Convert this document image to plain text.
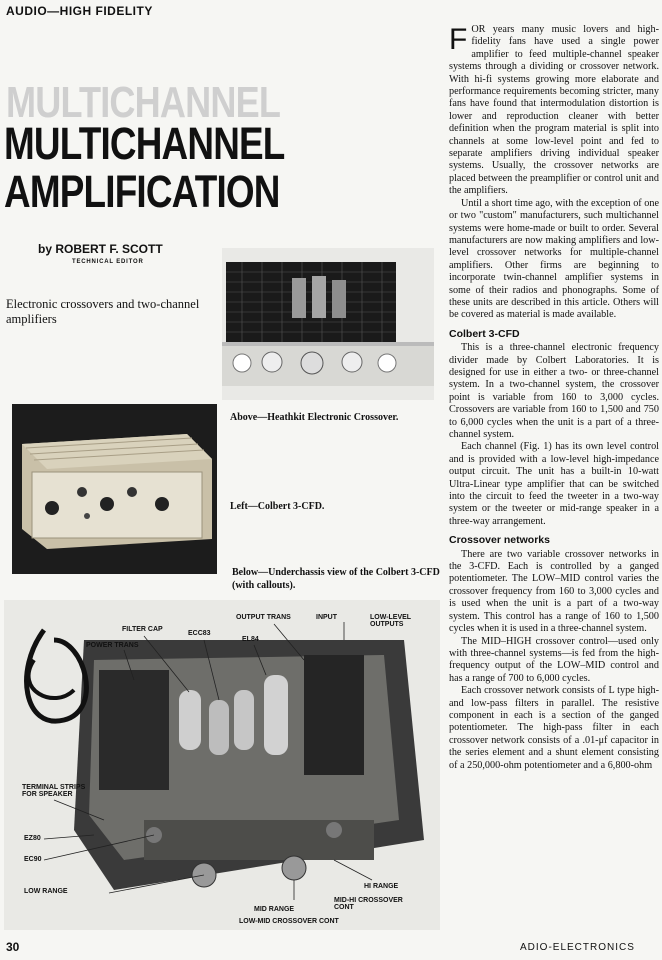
AUDIO—HIGH FIDELITY
MULTICHANNEL
MULTICHANNEL
AMPLIFICATION
by ROBERT F. SCOTT
TECHNICAL EDITOR
Electronic crossovers and two-channel amplifiers
Above—Heathkit Electronic Crossover.
Left—Colbert 3-CFD.
Below—Underchassis view of the Colbert 3-CFD (with callouts).
OUTPUT TRANS	INPUT	LOW-LEVEL OUTPUTS
EL84
FILTER CAP
ECC83
POWER TRANS
TERMINAL STRIPS FOR SPEAKER
EZ80
EC90
LOW RANGE
HI RANGE
MID-HI CROSSOVER CONT
MID RANGE
LOW-MID CROSSOVER CONT

FOR years many music lovers and high-fidelity fans have used a single power amplifier to feed multiple-channel speaker systems through a dividing or crossover network. With hi-fi systems growing more elaborate and performance requirements becoming stricter, many fans have found that intermodulation distortion is lower and reproduction cleaner with better definition when the program material is split into channels at some low-level point and fed to separate amplifiers driving individual speaker systems. Usually, the crossover networks are placed between the preamplifier or control unit and the amplifiers.

Until a short time ago, with the exception of one or two "custom" manufacturers, such multichannel systems were home-made or built to order. Several manufacturers are now making amplifiers and low-level crossover networks for multiple-channel amplifiers. Other firms are beginning to incorporate twin-channel amplifier systems in some of their radios and phonographs. Some of these units are described in this article. Others will be covered as material is made available.

Colbert 3-CFD

This is a three-channel electronic frequency divider made by Colbert Laboratories. It is designed for use in either a two- or three-channel system. In a two-channel system, the crossover point is variable from 160 to 3,000 cycles. Crossovers are variable from 160 to 1,500 and 750 to 6,000 cycles when the unit is a part of a three-channel system.

Each channel (Fig. 1) has its own level control and is provided with a low-level high-impedance output circuit. The unit has a built-in 10-watt Ultra-Linear type amplifier that can be switched into the circuit to feed the tweeter in a two-way system or the tweeter or mid-range speaker in a three-way arrangement.

Crossover networks

There are two variable crossover networks in the 3-CFD. Each is controlled by a ganged potentiometer. The LOW–MID control varies the crossover frequency from 160 to 3,000 cycles and is used when the unit is a part of a two-way system. This control has a range of 160 to 1,500 cycles when it is used in a three-channel system.

The MID–HIGH crossover control—used only with three-channel systems—is fed from the high-frequency output of the LOW–MID control and has a range of 700 to 6,000 cycles.

Each crossover network consists of L type high- and low-pass filters in parallel. The resistive component in each is a section of the ganged potentiometer. The high-pass filter in each crossover network consists of a .01-μf capacitor in the series element and a shunt element consisting of a 250,000-ohm potentiometer and a 6,800-ohm

30	ADIO-ELECTRONICS
